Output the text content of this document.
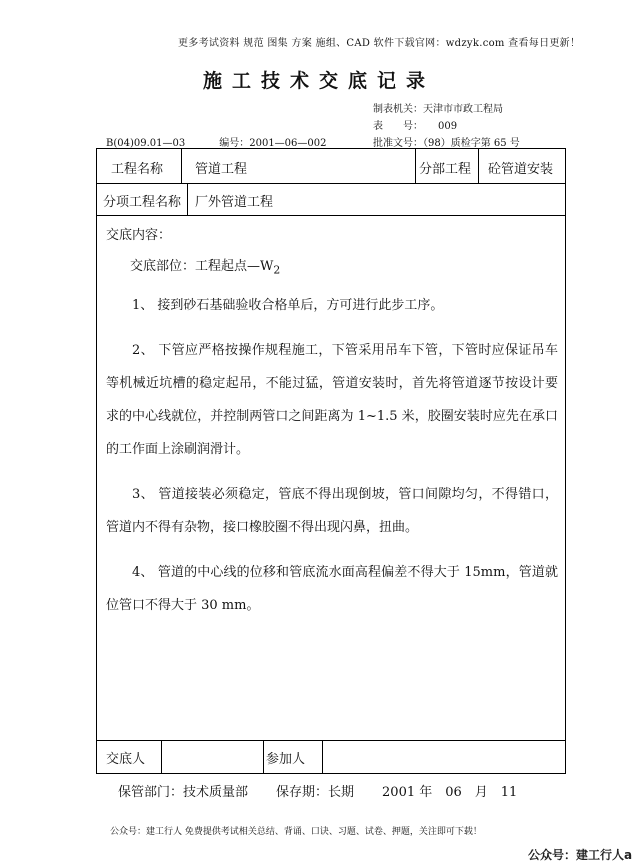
更多考试资料 规范 图集 方案 施组、CAD 软件下载官网：wdzyk.com 查看每日更新！
施工技术交底记录
制表机关：天津市市政工程局
表　　号：　　009
批准文号：（98）质检字第 65 号
B(04)09.01—03	编号：2001—06—002
工程名称 管道工程	分部工程 砼管道安装
分项工程名称 厂外管道工程
交底人	参加人
交底内容：
交底部位：工程起点$—W_2$

1、 接到砂石基础验收合格单后，方可进行此步工序。

2、 下管应严格按操作规程施工，下管采用吊车下管，下管时应保证吊车等机械近坑槽的稳定起吊，不能过猛，管道安装时，首先将管道逐节按设计要求的中心线就位，并控制两管口之间距离为 1~1.5 米，胶圈安装时应先在承口的工作面上涂刷润滑计。

3、 管道接装必须稳定，管底不得出现倒坡，管口间隙均匀，不得错口，管道内不得有杂物，接口橡胶圈不得出现闪鼻，扭曲。

4、 管道的中心线的位移和管底流水面高程偏差不得大于 15mm，管道就位管口不得大于 30 mm。

保管部门：技术质量部 保存期：长期 2001 年　06　月　11
公众号：建工行人 免费提供考试相关总结、背诵、口诀、习题、试卷、押题，关注即可下载！
公众号：建工行人a
